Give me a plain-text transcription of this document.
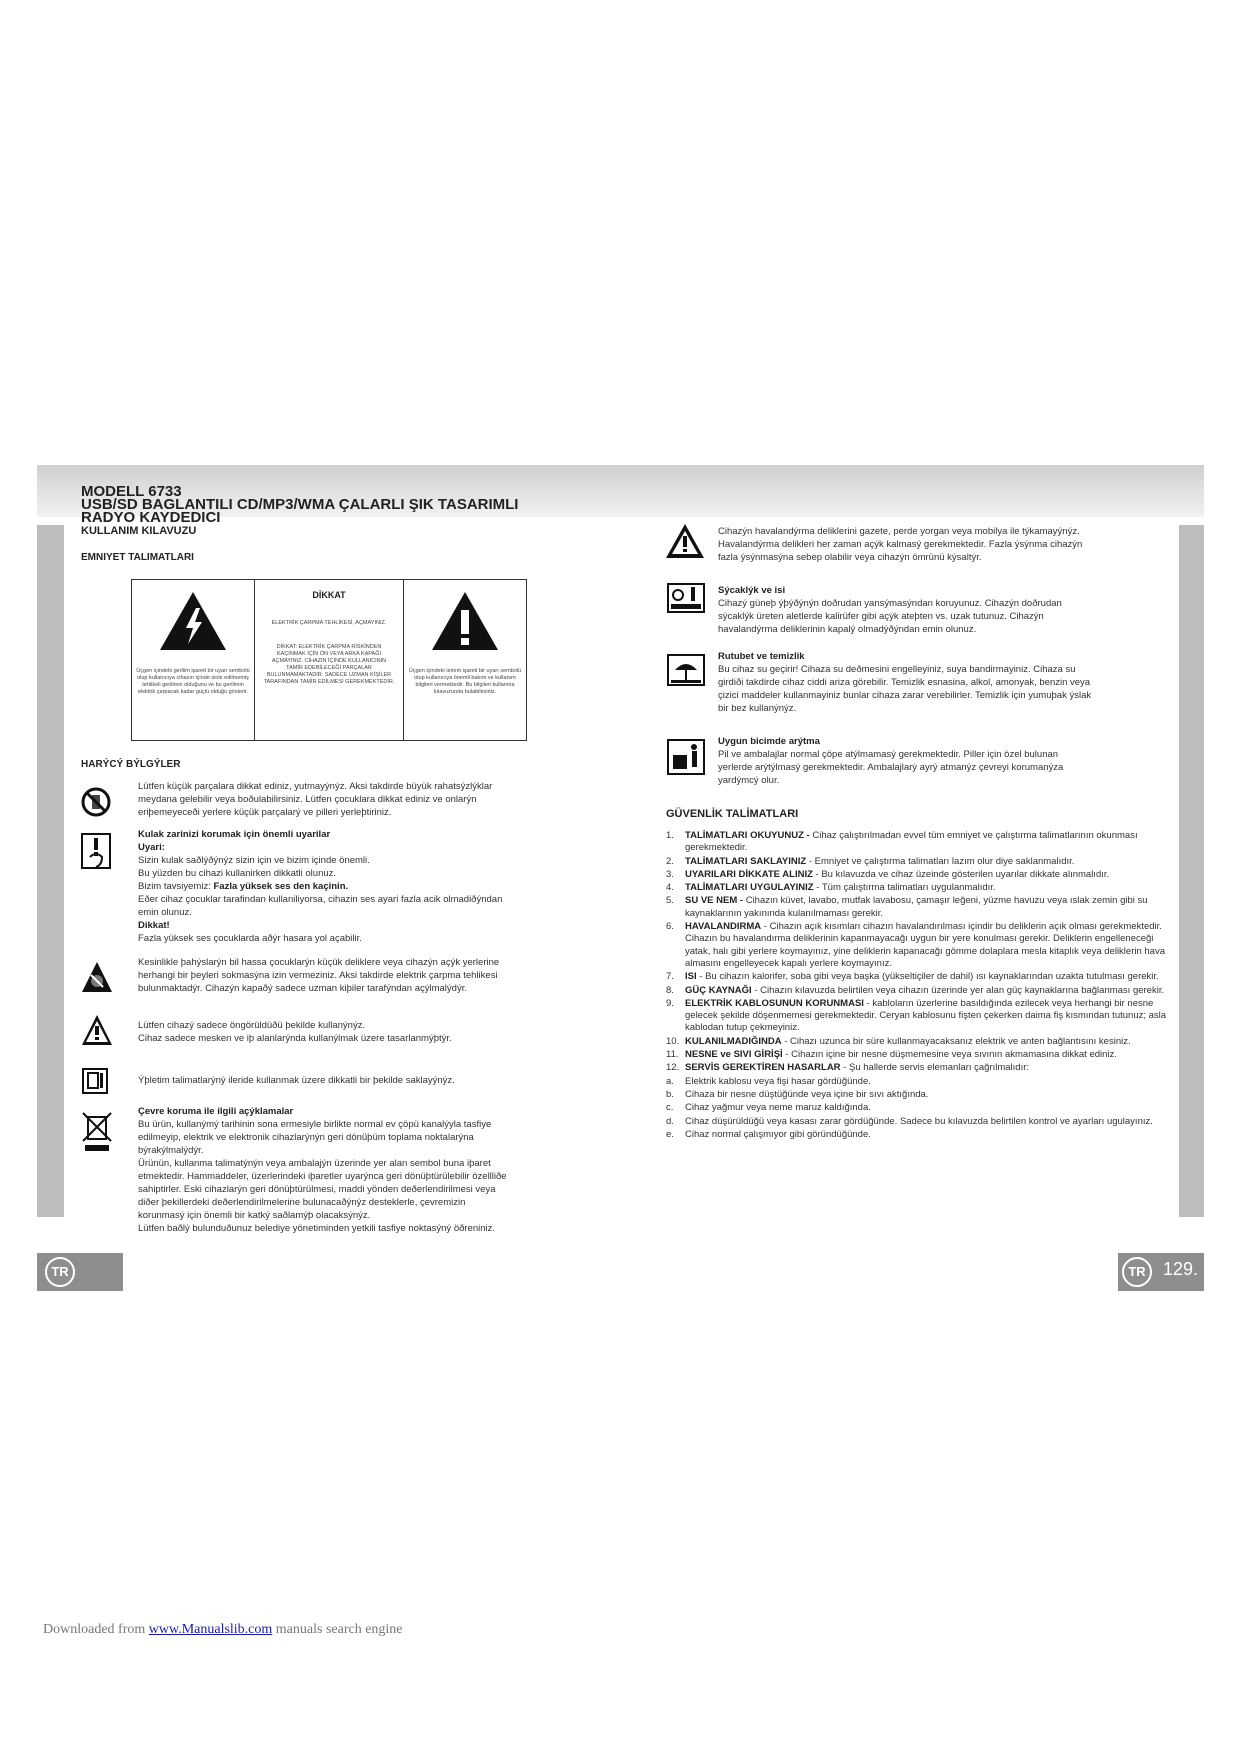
MODELL 6733
USB/SD BAGLANTILI CD/MP3/WMA ÇALARLI ŞIK TASARIMLI
RADYO KAYDEDICI
KULLANIM KILAVUZU
EMNIYET TALIMATLARI
Üçgen içindeki gerilim işareti bir uyarı sembolü olup kullanıcıya cihazın içinde izole edilmemiş tehlikeli gerilimin olduğunu ve bu gerilimin elektrik çarpacak kadar güçlü olduğu gösterir.
DİKKAT
ELEKTRİK ÇARPMA TEHLİKESİ, AÇMAYINIZ.
DİKKAT: ELEKTRİK ÇARPMA RİSKİNDEN KAÇINMAK İÇİN ÖN VEYA ARKA KAPAĞI AÇMAYINIZ. CİHAZIN İÇİNDE KULLANICININ TAMİR EDEBİLECEĞİ PARÇALAR BULUNMAMAKTADIR. SADECE UZMAN KİŞİLER TARAFINDAN TAMİR EDİLMESİ GEREKMEKTEDİR.
Üçgen içindeki ünlem işareti bir uyarı sembolü olup kullanıcıya önemli bakım ve kullanım bilgileri vermektedir. Bu bilgileri kullanma kılavuzunda bulabilirsiniz.
HARÝCÝ BÝLGÝLER
Lütfen küçük parçalara dikkat ediniz, yutmayýnýz. Aksi takdirde büyük rahatsýzlýklar
meydana gelebilir veya boðulabilirsiniz. Lütfen çocuklara dikkat ediniz ve onlarýn
eriþemeyeceði yerlere küçük parçalarý ve pilleri yerleþtiriniz.
Kulak zarinizi korumak için önemli uyarilar
Uyari:
Sizin kulak saðlýðýnýz sizin için ve bizim içinde önemli.
Bu yüzden bu cihazi kullanirken dikkatli olunuz.
Bizim tavsiyemiz: Fazla yüksek ses den kaçinin.
Eðer cihaz çocuklar tarafindan kullaniliyorsa, cihazin ses ayari fazla acik olmadiðýndan
emin olunuz.
Dikkat!
Fazla yüksek ses çocuklarda aðýr hasara yol açabilir.
Kesinlikle þahýslarýn bil hassa çocuklarýn küçük deliklere veya cihazýn açýk yerlerine
herhangi bir þeyleri sokmasýna izin vermeziniz. Aksi takdirde elektrik çarpma tehlikesi
bulunmaktadýr. Cihazýn kapaðý sadece uzman kiþiler tarafýndan açýlmalýdýr.
Lütfen cihazý sadece öngörüldüðü þekilde kullanýnýz.
Cihaz sadece mesken ve iþ alanlarýnda kullanýlmak üzere tasarlanmýþtýr.
Ýþletim talimatlarýný ileride kullanmak üzere dikkatli bir þekilde saklayýnýz.
Çevre koruma ile ilgili açýklamalar
Bu ürün, kullanýmý tarihinin sona ermesiyle birlikte normal ev çöpü kanalýyla tasfiye
edilmeyip, elektrik ve elektronik cihazlarýnýn geri dönüþüm toplama noktalarýna
býrakýlmalýdýr.
Ürünün, kullanma talimatýnýn veya ambalajýn üzerinde yer alan sembol buna iþaret
etmektedir. Hammaddeler, üzerlerindeki iþaretler uyarýnca geri dönüþtürülebilir özellliðe
sahiptirler. Eski cihazlarýn geri dönüþtürülmesi, maddi yönden deðerlendirilmesi veya
diðer þekillerdeki deðerlendirilmelerine bulunacaðýnýz desteklerle, çevremizin
korunmasý için önemli bir katký saðlamýþ olacaksýnýz.
Lütfen baðlý bulunduðunuz belediye yönetiminden yetkili tasfiye noktasýný öðreniniz.
Cihazýn havalandýrma deliklerini gazete, perde yorgan veya mobilya ile týkamayýnýz.
Havalandýrma delikleri her zaman açýk kalmasý gerekmektedir. Fazla ýsýnma cihazýn
fazla ýsýnmasýna sebep olabilir veya cihazýn ömrünü kýsaltýr.
Sýcaklýk ve isi
Cihazý güneþ ýþýðýnýn doðrudan yansýmasýndan koruyunuz. Cihazýn doðrudan
sýcaklýk üreten aletlerde kalirüfer gibi açýk ateþten vs. uzak tutunuz. Cihazýn
havalandýrma deliklerinin kapalý olmadýðýndan emin olunuz.
Rutubet ve temizlik
Bu cihaz su geçirir! Cihaza su deðmesini engelleyiniz, suya bandirmayiniz. Cihaza su
girdiði takdirde cihaz ciddi ariza görebilir. Temizlik esnasina, alkol, amonyak, benzin veya
çizici maddeler kullanmayiniz bunlar cihaza zarar verebilirler. Temizlik için yumuþak ýslak
bir bez kullanýnýz.
Uygun bicimde arýtma
Pil ve ambalajlar normal çöpe atýlmamasý gerekmektedir. Piller için özel bulunan
yerlerde arýtýlmasý gerekmektedir. Ambalajlarý ayrý atmanýz çevreyi korumanýza
yardýmcý olur.
GÜVENLİK TALİMATLARI
1.	TALİMATLARI OKUYUNUZ - Cihaz çalıştırılmadan evvel tüm emniyet ve çalıştırma talimatlarının okunması gerekmektedir.
2.	TALİMATLARI SAKLAYINIZ - Emniyet ve çalıştırma talimatları lazım olur diye saklanmalıdır.
3.	UYARILARI DİKKATE ALINIZ - Bu kılavuzda ve cihaz üzeinde gösterilen uyarılar dikkate alınmalıdır.
4.	TALİMATLARI UYGULAYINIZ - Tüm çalıştırma talimatları uygulanmalıdır.
5.	SU VE NEM - Cihazın küvet, lavabo, mutfak lavabosu, çamaşır leğeni, yüzme havuzu veya ıslak zemin gibi su kaynaklarının yakınında kulanılmaması gerekir.
6.	HAVALANDIRMA - Cihazın açık kısımları cihazın havalandırılması içindir bu deliklerin açık olması gerekmektedir. Cihazın bu havalandırma deliklerinin kapanmayacağı uygun bir yere konulması gerekir. Deliklerin engelleneceği yatak, halı gibi yerlere koymayınız, yine deliklerin kapanacağı gömme dolaplara mesla kitaplık veya deliklerin hava almasını engelleyecek kapalı yerlere koymayınız.
7.	ISI - Bu cihazın kalorifer, soba gibi veya başka (yükseltiçiler de dahil) ısı kaynaklarından uzakta tutulması gerekir.
8.	GÜÇ KAYNAĞI - Cihazın kılavuzda belirtilen veya cihazın üzerinde yer alan güç kaynaklarına bağlanması gerekir.
9.	ELEKTRİK KABLOSUNUN KORUNMASI - kabloların üzerlerine basıldığında ezilecek veya herhangi bir nesne gelecek şekilde döşenmemesi gerekmektedir. Ceryan kablosunu fişten çekerken daima fiş kısmından tutunuz; asla kablodan tutup çekmeyiniz.
10. KULANILMADIĞINDA - Cihazı uzunca bir süre kullanmayacaksanız elektrik ve anten bağlantısını kesiniz.
11. NESNE ve SIVI GİRİŞİ - Cihazın içine bir nesne düşmemesine veya sıvının akmamasına dikkat ediniz.
12. SERVİS GEREKTİREN HASARLAR - Şu hallerde servis elemanları çağrılmalıdır:
a.	Elektrik kablosu veya fişi hasar gördüğünde.
b.	Cihaza bir nesne düştüğünde veya içine bir sıvı aktığında.
c.	Cihaz yağmur veya neme maruz kaldığında.
d.	Cihaz düşürüldüğü veya kasası zarar gördüğünde. Sadece bu kılavuzda belirtilen kontrol ve ayarları ugulayınız.
e.	Cihaz normal çalışmıyor gibi göründüğünde.
TR	TR 129.
Downloaded from www.Manualslib.com manuals search engine
